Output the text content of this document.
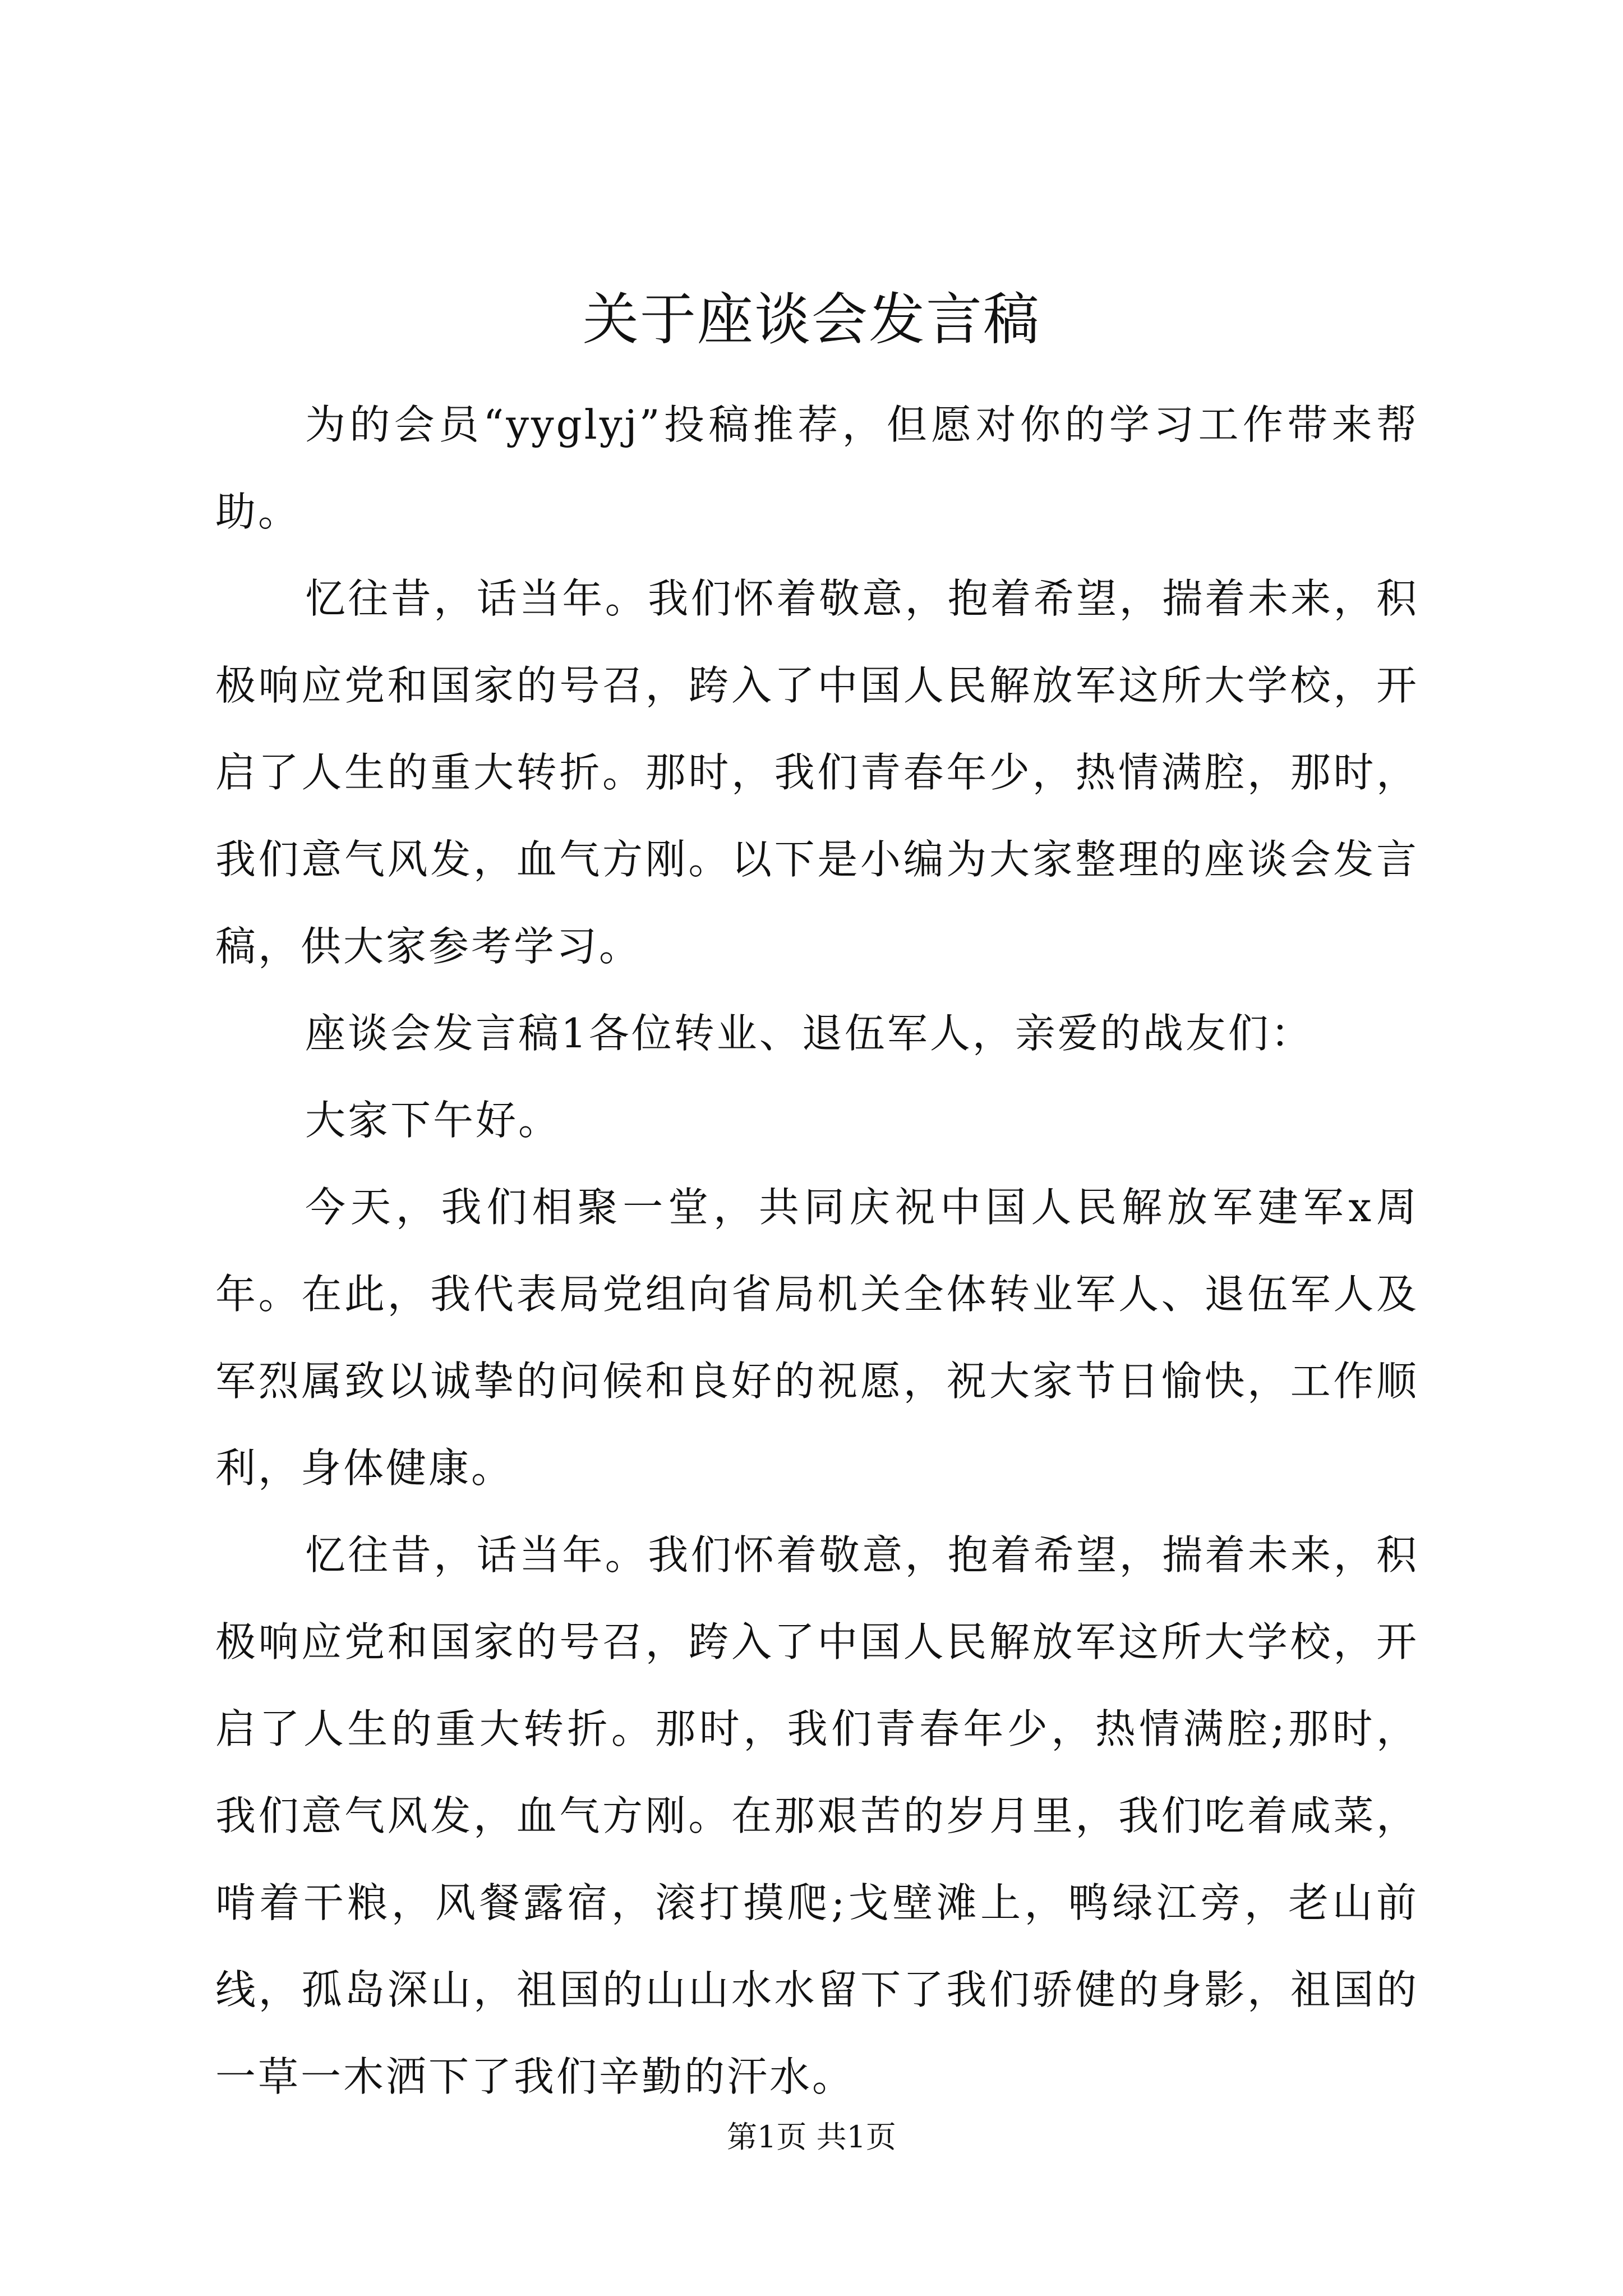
关于座谈会发言稿

为的会员“yyglyj”投稿推荐，但愿对你的学习工作带来帮助。

忆往昔，话当年。我们怀着敬意，抱着希望，揣着未来，积极响应党和国家的号召，跨入了中国人民解放军这所大学校，开启了人生的重大转折。那时，我们青春年少，热情满腔，那时，我们意气风发，血气方刚。以下是小编为大家整理的座谈会发言稿，供大家参考学习。

座谈会发言稿1各位转业、退伍军人，亲爱的战友们：

大家下午好。

今天，我们相聚一堂，共同庆祝中国人民解放军建军x周年。在此，我代表局党组向省局机关全体转业军人、退伍军人及军烈属致以诚挚的问候和良好的祝愿，祝大家节日愉快，工作顺利，身体健康。

忆往昔，话当年。我们怀着敬意，抱着希望，揣着未来，积极响应党和国家的号召，跨入了中国人民解放军这所大学校，开启了人生的重大转折。那时，我们青春年少，热情满腔;那时，我们意气风发，血气方刚。在那艰苦的岁月里，我们吃着咸菜，啃着干粮，风餐露宿，滚打摸爬;戈壁滩上，鸭绿江旁，老山前线，孤岛深山，祖国的山山水水留下了我们骄健的身影，祖国的一草一木洒下了我们辛勤的汗水。

第1页 共1页
